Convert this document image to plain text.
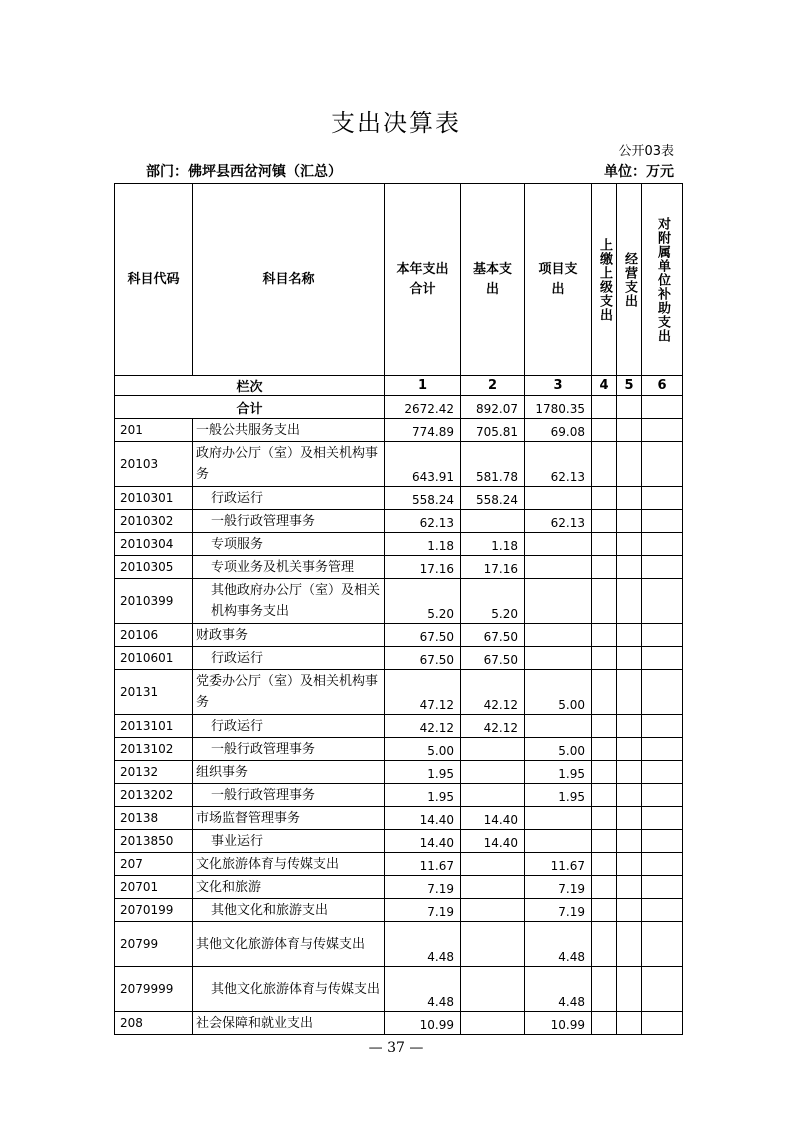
支出决算表
公开03表
部门：佛坪县西岔河镇（汇总）	单位：万元
科目代码	科目名称	本年支出合计	基本支出	项目支出	上缴上级支出	经营支出	对附属单位补助支出
栏次		1	2	3	4	5	6
合计		2672.42	892.07	1780.35			
201	一般公共服务支出	774.89	705.81	69.08			
20103	政府办公厅（室）及相关机构事务	643.91	581.78	62.13			
2010301	行政运行	558.24	558.24				
2010302	一般行政管理事务	62.13		62.13			
2010304	专项服务	1.18	1.18				
2010305	专项业务及机关事务管理	17.16	17.16				
2010399	其他政府办公厅（室）及相关机构事务支出	5.20	5.20				
20106	财政事务	67.50	67.50				
2010601	行政运行	67.50	67.50				
20131	党委办公厅（室）及相关机构事务	47.12	42.12	5.00			
2013101	行政运行	42.12	42.12				
2013102	一般行政管理事务	5.00		5.00			
20132	组织事务	1.95		1.95			
2013202	一般行政管理事务	1.95		1.95			
20138	市场监督管理事务	14.40	14.40				
2013850	事业运行	14.40	14.40				
207	文化旅游体育与传媒支出	11.67		11.67			
20701	文化和旅游	7.19		7.19			
2070199	其他文化和旅游支出	7.19		7.19			
20799	其他文化旅游体育与传媒支出	4.48		4.48			
2079999	其他文化旅游体育与传媒支出	4.48		4.48			
208	社会保障和就业支出	10.99		10.99			
— 37 —
